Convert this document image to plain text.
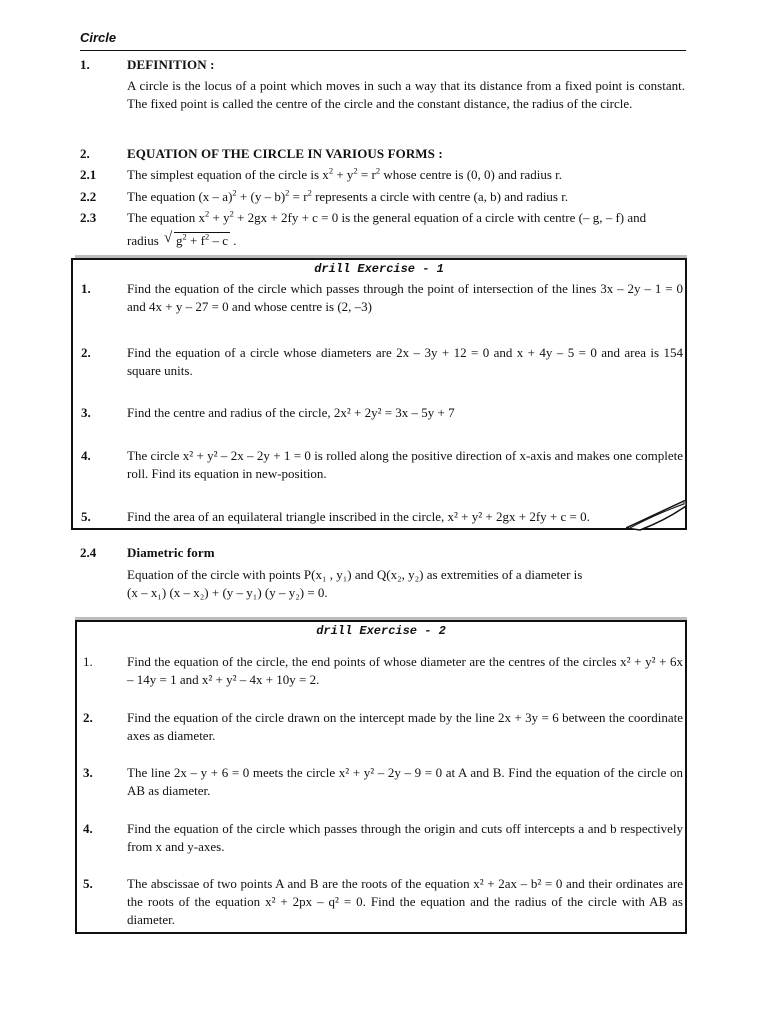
Circle
1.	DEFINITION :
A circle is the locus of a point which moves in such a way that its distance from a fixed point is constant. The fixed point is called the centre of the circle and the constant distance, the radius of the circle.
2.	EQUATION OF THE CIRCLE IN VARIOUS FORMS :
2.1 The simplest equation of the circle is $x^2 + y^2 = r^2$ whose centre is (0, 0) and radius r.
2.2 The equation $(x - a)^2 + (y - b)^2 = r^2$ represents a circle with centre (a, b) and radius r.
2.3 The equation $x^2 + y^2 + 2gx + 2fy + c = 0$ is the general equation of a circle with centre (– g, – f) and
radius √ $g^2 + f^2 - c$ .
drill Exercise - 1
1.	Find the equation of the circle which passes through the point of intersection of the lines 3x – 2y – 1 = 0 and 4x + y – 27 = 0 and whose centre is (2, –3)
2.	Find the equation of a circle whose diameters are 2x – 3y + 12 = 0 and x + 4y – 5 = 0 and area is 154 square units.
3.	Find the centre and radius of the circle, 2x² + 2y² = 3x – 5y + 7
4.	The circle x² + y² – 2x – 2y + 1 = 0 is rolled along the positive direction of x-axis and makes one complete roll. Find its equation in new-position.
5.	Find the area of an equilateral triangle inscribed in the circle, x² + y² + 2gx + 2fy + c = 0.
2.4 Diametric form
Equation of the circle with points P(x₁ , y₁) and Q(x₂, y₂) as extremities of a diameter is
(x – x₁) (x – x₂) + (y – y₁) (y – y₂) = 0.
drill Exercise - 2
1.	Find the equation of the circle, the end points of whose diameter are the centres of the circles x² + y² + 6x – 14y = 1 and x² + y² – 4x + 10y = 2.
2.	Find the equation of the circle drawn on the intercept made by the line 2x + 3y = 6 between the coordinate axes as diameter.
3.	The line 2x – y + 6 = 0 meets the circle x² + y² – 2y – 9 = 0 at A and B. Find the equation of the circle on AB as diameter.
4.	Find the equation of the circle which passes through the origin and cuts off intercepts a and b respectively from x and y-axes.
5.	The abscissae of two points A and B are the roots of the equation x² + 2ax – b² = 0 and their ordinates are the roots of the equation x² + 2px – q² = 0. Find the equation and the radius of the circle with AB as diameter.
